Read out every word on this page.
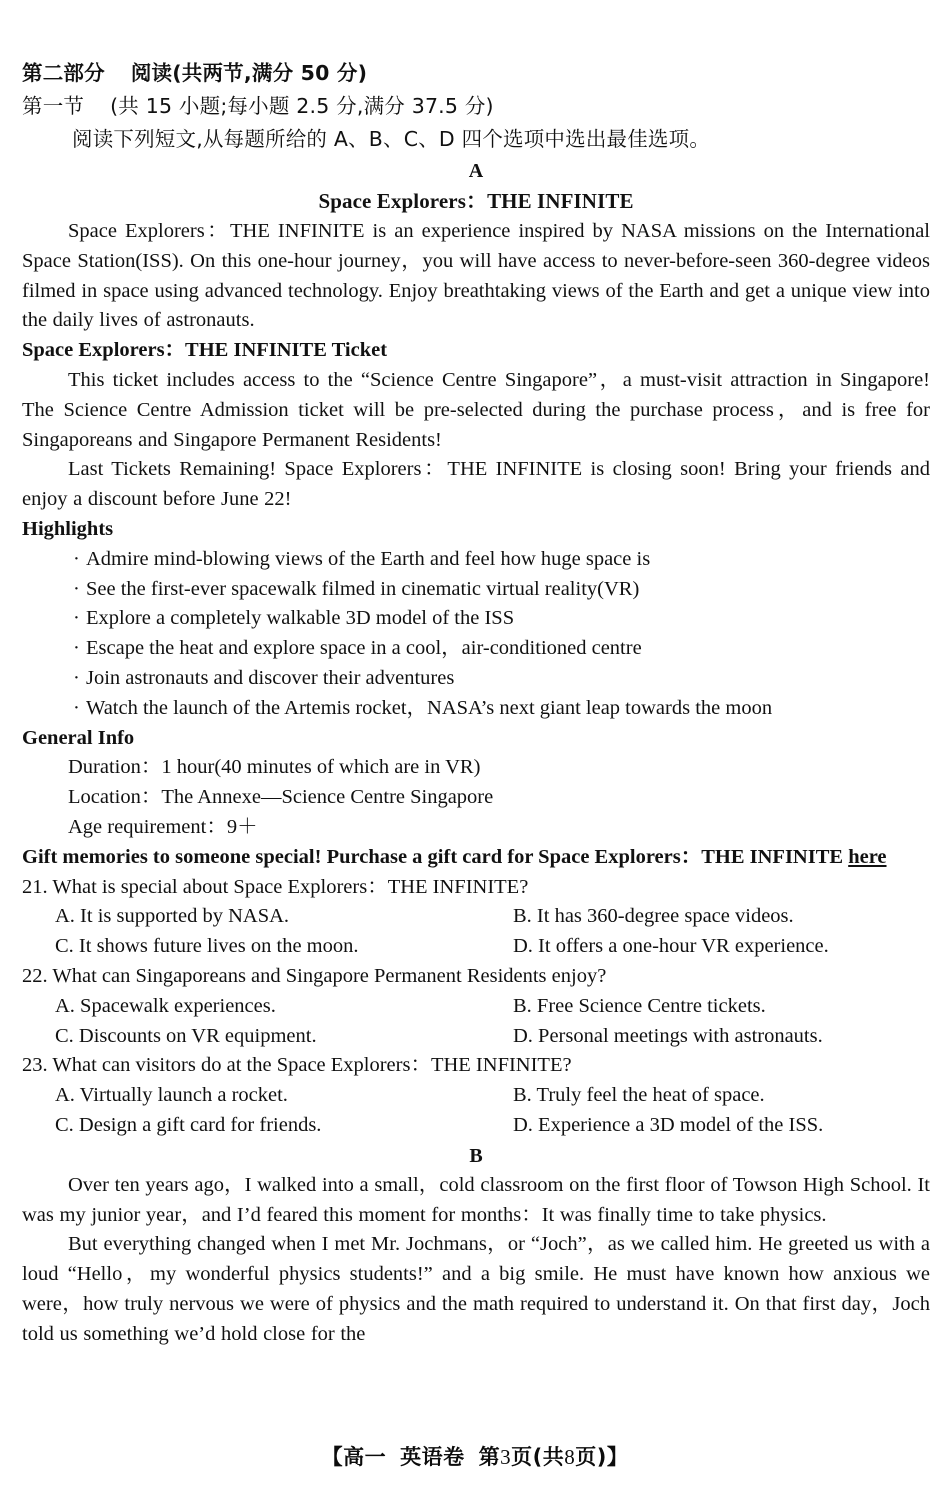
第二部分 阅读(共两节,满分 50 分)
第一节 (共 15 小题;每小题 2.5 分,满分 37.5 分)
阅读下列短文,从每题所给的 A、B、C、D 四个选项中选出最佳选项。
A
Space Explorers：THE INFINITE

Space Explorers：THE INFINITE is an experience inspired by NASA missions on the International Space Station(ISS). On this one-hour journey，you will have access to never-before-seen 360-degree videos filmed in space using advanced technology. Enjoy breathtaking views of the Earth and get a unique view into the daily lives of astronauts.

Space Explorers：THE INFINITE Ticket

This ticket includes access to the “Science Centre Singapore”，a must-visit attraction in Singapore! The Science Centre Admission ticket will be pre-selected during the purchase process，and is free for Singaporeans and Singapore Permanent Residents!

Last Tickets Remaining! Space Explorers：THE INFINITE is closing soon! Bring your friends and enjoy a discount before June 22!

Highlights
· Admire mind-blowing views of the Earth and feel how huge space is
· See the first-ever spacewalk filmed in cinematic virtual reality(VR)
· Explore a completely walkable 3D model of the ISS
· Escape the heat and explore space in a cool，air-conditioned centre
· Join astronauts and discover their adventures
· Watch the launch of the Artemis rocket，NASA’s next giant leap towards the moon
General Info
Duration：1 hour(40 minutes of which are in VR)
Location：The Annexe—Science Centre Singapore
Age requirement：9＋
Gift memories to someone special! Purchase a gift card for Space Explorers：THE INFINITE here
21. What is special about Space Explorers：THE INFINITE?
A. It is supported by NASA.	B. It has 360-degree space videos.
C. It shows future lives on the moon.	D. It offers a one-hour VR experience.
22. What can Singaporeans and Singapore Permanent Residents enjoy?
A. Spacewalk experiences.	B. Free Science Centre tickets.
C. Discounts on VR equipment.	D. Personal meetings with astronauts.
23. What can visitors do at the Space Explorers：THE INFINITE?
A. Virtually launch a rocket.	B. Truly feel the heat of space.
C. Design a gift card for friends.	D. Experience a 3D model of the ISS.
B

Over ten years ago，I walked into a small，cold classroom on the first floor of Towson High School. It was my junior year，and I’d feared this moment for months：It was finally time to take physics.

But everything changed when I met Mr. Jochmans，or “Joch”，as we called him. He greeted us with a loud “Hello，my wonderful physics students!” and a big smile. He must have known how anxious we were，how truly nervous we were of physics and the math required to understand it. On that first day，Joch told us something we’d hold close for the

【高一 英语卷 第3页(共8页)】
